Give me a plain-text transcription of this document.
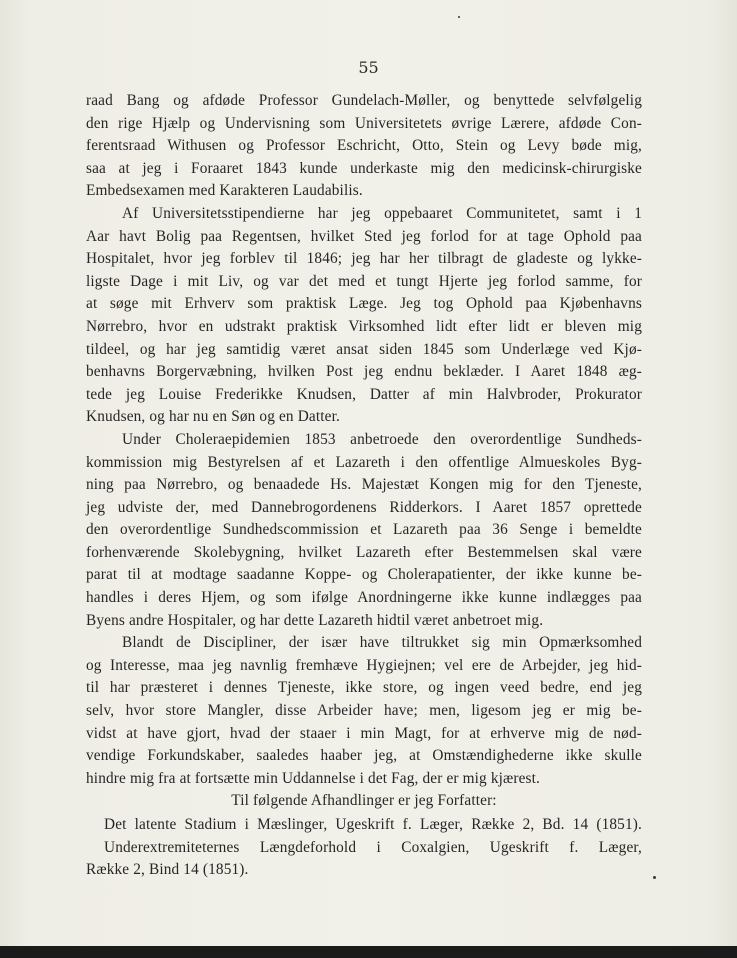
55
raad Bang og afdøde Professor Gundelach-Møller, og benyttede selvfølgelig
den rige Hjælp og Undervisning som Universitetets øvrige Lærere, afdøde Con-
ferentsraad Withusen og Professor Eschricht, Otto, Stein og Levy bøde mig,
saa at jeg i Foraaret 1843 kunde underkaste mig den medicinsk-chirurgiske
Embedsexamen med Karakteren Laudabilis.
Af Universitetsstipendierne har jeg oppebaaret Communitetet, samt i 1
Aar havt Bolig paa Regentsen, hvilket Sted jeg forlod for at tage Ophold paa
Hospitalet, hvor jeg forblev til 1846; jeg har her tilbragt de gladeste og lykke-
ligste Dage i mit Liv, og var det med et tungt Hjerte jeg forlod samme, for
at søge mit Erhverv som praktisk Læge. Jeg tog Ophold paa Kjøbenhavns
Nørrebro, hvor en udstrakt praktisk Virksomhed lidt efter lidt er bleven mig
tildeel, og har jeg samtidig været ansat siden 1845 som Underlæge ved Kjø-
benhavns Borgervæbning, hvilken Post jeg endnu beklæder. I Aaret 1848 æg-
tede jeg Louise Frederikke Knudsen, Datter af min Halvbroder, Prokurator
Knudsen, og har nu en Søn og en Datter.
Under Choleraepidemien 1853 anbetroede den overordentlige Sundheds-
kommission mig Bestyrelsen af et Lazareth i den offentlige Almueskoles Byg-
ning paa Nørrebro, og benaadede Hs. Majestæt Kongen mig for den Tjeneste,
jeg udviste der, med Dannebrogordenens Ridderkors. I Aaret 1857 oprettede
den overordentlige Sundhedscommission et Lazareth paa 36 Senge i bemeldte
forhenværende Skolebygning, hvilket Lazareth efter Bestemmelsen skal være
parat til at modtage saadanne Koppe- og Cholerapatienter, der ikke kunne be-
handles i deres Hjem, og som ifølge Anordningerne ikke kunne indlægges paa
Byens andre Hospitaler, og har dette Lazareth hidtil været anbetroet mig.
Blandt de Discipliner, der især have tiltrukket sig min Opmærksomhed
og Interesse, maa jeg navnlig fremhæve Hygiejnen; vel ere de Arbejder, jeg hid-
til har præsteret i dennes Tjeneste, ikke store, og ingen veed bedre, end jeg
selv, hvor store Mangler, disse Arbeider have; men, ligesom jeg er mig be-
vidst at have gjort, hvad der staaer i min Magt, for at erhverve mig de nød-
vendige Forkundskaber, saaledes haaber jeg, at Omstændighederne ikke skulle
hindre mig fra at fortsætte min Uddannelse i det Fag, der er mig kjærest.
Til følgende Afhandlinger er jeg Forfatter:
Det latente Stadium i Mæslinger, Ugeskrift f. Læger, Række 2, Bd. 14 (1851).
Underextremiteternes Længdeforhold i Coxalgien, Ugeskrift f. Læger,
Række 2, Bind 14 (1851).
